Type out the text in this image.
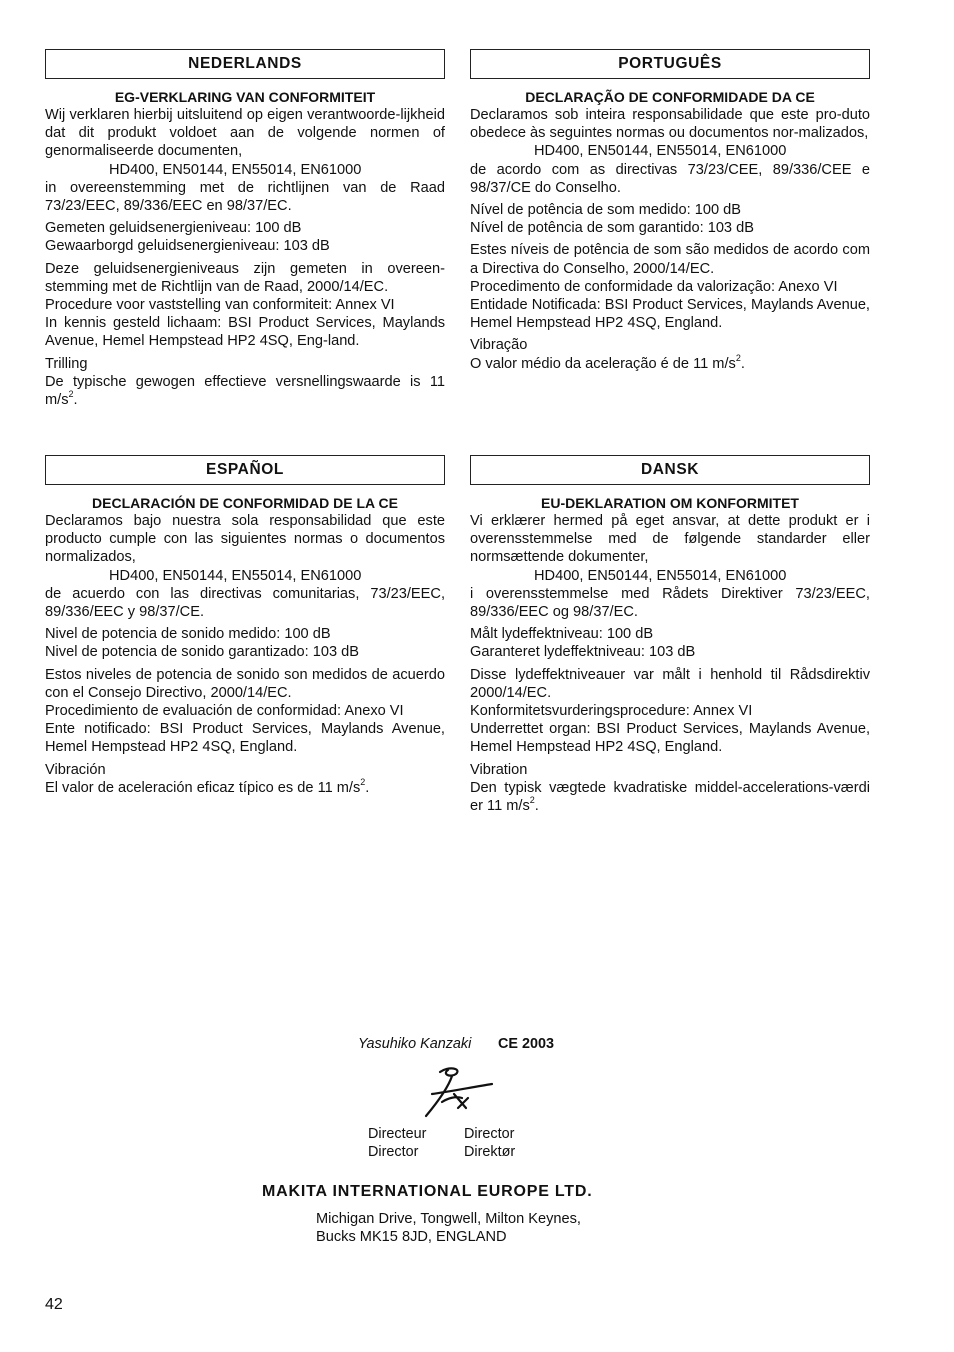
NEDERLANDS
EG-VERKLARING VAN CONFORMITEIT
Wij verklaren hierbij uitsluitend op eigen verantwoorde-lijkheid dat dit produkt voldoet aan de volgende normen of genormaliseerde documenten,
HD400, EN50144, EN55014, EN61000
in overeenstemming met de richtlijnen van de Raad 73/23/EEC, 89/336/EEC en 98/37/EC.
Gemeten geluidsenergieniveau: 100 dB
Gewaarborgd geluidsenergieniveau: 103 dB
Deze geluidsenergieniveaus zijn gemeten in overeen-stemming met de Richtlijn van de Raad, 2000/14/EC.
Procedure voor vaststelling van conformiteit: Annex VI
In kennis gesteld lichaam: BSI Product Services, Maylands Avenue, Hemel Hempstead HP2 4SQ, Eng-land.
Trilling
De typische gewogen effectieve versnellingswaarde is 11 $m/s^2$.
PORTUGUÊS
DECLARAÇÃO DE CONFORMIDADE DA CE
Declaramos sob inteira responsabilidade que este pro-duto obedece às seguintes normas ou documentos nor-malizados,
HD400, EN50144, EN55014, EN61000
de acordo com as directivas 73/23/CEE, 89/336/CEE e 98/37/CE do Conselho.
Nível de potência de som medido: 100 dB
Nível de potência de som garantido: 103 dB
Estes níveis de potência de som são medidos de acordo com a Directiva do Conselho, 2000/14/EC.
Procedimento de conformidade da valorização: Anexo VI
Entidade Notificada: BSI Product Services, Maylands Avenue, Hemel Hempstead HP2 4SQ, England.
Vibração
O valor médio da aceleração é de 11 $m/s^2$.
ESPAÑOL
DECLARACIÓN DE CONFORMIDAD DE LA CE
Declaramos bajo nuestra sola responsabilidad que este producto cumple con las siguientes normas o documentos normalizados,
HD400, EN50144, EN55014, EN61000
de acuerdo con las directivas comunitarias, 73/23/EEC, 89/336/EEC y 98/37/CE.
Nivel de potencia de sonido medido: 100 dB
Nivel de potencia de sonido garantizado: 103 dB
Estos niveles de potencia de sonido son medidos de acuerdo con el Consejo Directivo, 2000/14/EC.
Procedimiento de evaluación de conformidad: Anexo VI
Ente notificado: BSI Product Services, Maylands Avenue, Hemel Hempstead HP2 4SQ, England.
Vibración
El valor de aceleración eficaz típico es de 11 $m/s^2$.
DANSK
EU-DEKLARATION OM KONFORMITET
Vi erklærer hermed på eget ansvar, at dette produkt er i overensstemmelse med de følgende standarder eller normsættende dokumenter,
HD400, EN50144, EN55014, EN61000
i overensstemmelse med Rådets Direktiver 73/23/EEC, 89/336/EEC og 98/37/EC.
Målt lydeffektniveau: 100 dB
Garanteret lydeffektniveau: 103 dB
Disse lydeffektniveauer var målt i henhold til Rådsdirektiv 2000/14/EC.
Konformitetsvurderingsprocedure: Annex VI
Underrettet organ: BSI Product Services, Maylands Avenue, Hemel Hempstead HP2 4SQ, England.
Vibration
Den typisk vægtede kvadratiske middel-accelerations-værdi er 11 $m/s^2$.
Yasuhiko Kanzaki CE 2003
Directeur	Director
Director	Direktør
MAKITA INTERNATIONAL EUROPE LTD.
Michigan Drive, Tongwell, Milton Keynes,
Bucks MK15 8JD, ENGLAND
42
